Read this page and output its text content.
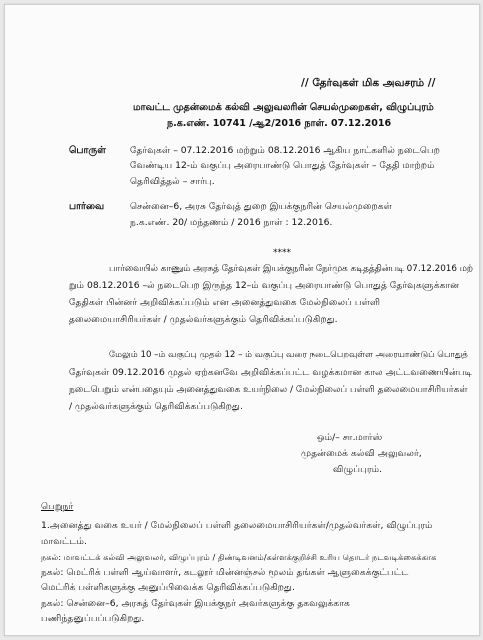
// தேர்வுகள் மிக அவசரம் //
மாவட்ட முதன்மைக் கல்வி அலுவலரின் செயல்முறைகள், விழுப்புரம்
ந.க.எண். 10741 /ஆ2/2016 நாள். 07.12.2016
பொருள்	தேர்வுகள் – 07.12.2016 மற்றும் 08.12.2016 ஆகிய நாட்களில் நடைபெற
வேண்டிய 12-ம் வகுப்பு அரையாண்டு பொதுத் தேர்வுகள் – தேதி மாற்றம்
தெரிவித்தல் – சார்பு.
பார்வை	சென்னை–6, அரசு தேர்வுத் துறை இயக்குநரின் செயல்முறைகள்
ந.க.எண். 20/ மந்தணம் / 2016 நாள் : 12.2016.
****
பார்வையில் காணும் அரசுத் தேர்வுகள் இயக்குநரின் நேர்முக கடிதத்தின்படி 07.12.2016 மற்
றும் 08.12.2016 –ல் நடைபெற இருந்த 12–ம் வகுப்பு அரையாண்டு பொதுத் தேர்வுகளுக்கான
தேதிகள் பின்னர் அறிவிக்கப்படும் என அனைத்துவகை மேல்நிலைப் பள்ளி
தலைமையாசிரியர்கள் / முதல்வர்களுக்கும் தெரிவிக்கப்படுகிறது.
மேலும் 10 –ம் வகுப்பு முதல் 12 – ம் வகுப்பு வரை நடைபெறவுள்ள அரையாண்டுப் பொதுத்
தேர்வுகள் 09.12.2016 முதல் ஏற்கனவே அறிவிக்கப்பட்ட வழக்கமான கால அட்டவணையின்படி
நடைபெறும் என்பதையும் அனைத்துவகை உயர்நிலை / மேல்நிலைப் பள்ளி தலைமையாசிரியர்கள்
/ முதல்வர்களுக்கும் தெரிவிக்கப்படுகிறது.
ஒம்/– சா.மார்ஸ்
முதன்மைக் கல்வி அலுவலர்,
விழுப்புரம்.
பெறுநர்
1.அனைத்து வகை உயர் / மேல்நிலைப் பள்ளி தலைமையாசிரியர்கள்/முதல்வர்கள், விழுப்புரம்
மாவட்டம்.
நகல்: மாவட்டக் கல்வி அலுவலர், விழுப்புரம் / திண்டிவனம்/கள்ளக்குறிச்சி உரிய தொடர் நடவடிக்கைக்காக
நகல்: மெட்ரிக் பள்ளி ஆய்வாளர், கடலூர் மின்னஞ்சல் மூலம் தங்கள் ஆளுகைக்குட்பட்ட
மெட்ரிக் பள்ளிகளுக்கு அனுப்பிவைக்க தெரிவிக்கப்படுகிறது.
நகல்: சென்னை–6, அரசுத் தேர்வுகள் இயக்குநர் அவர்களுக்கு தகவலுக்காக
பணிந்தனுப்பப்படுகிறது.
